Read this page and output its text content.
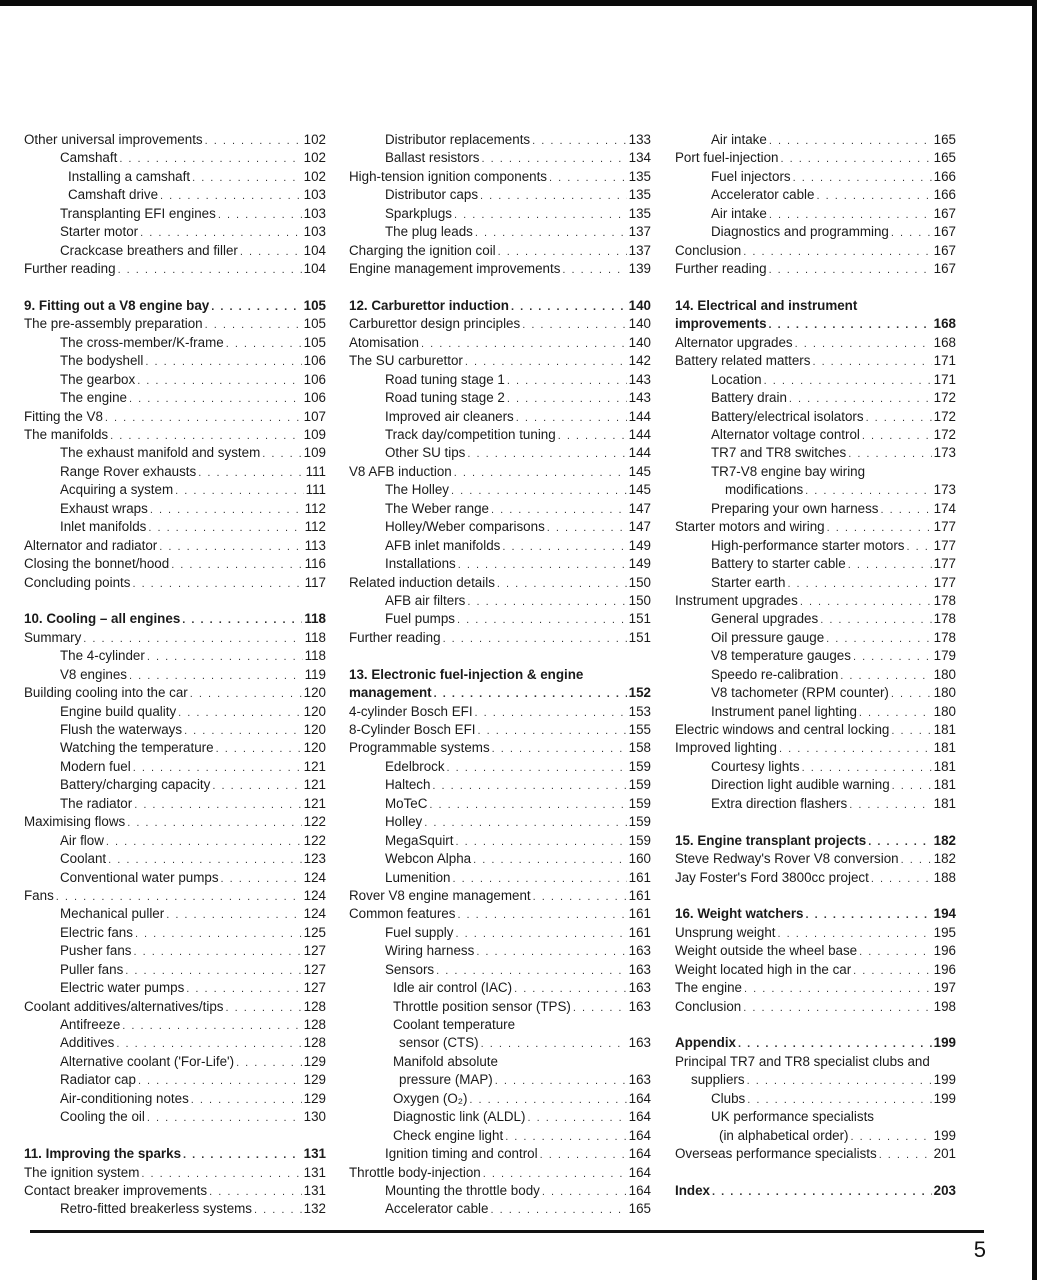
Other universal improvements . . .	102
Camshaft . . .	102
Installing a camshaft . . .	102
Camshaft drive . . .	103
Transplanting EFI engines . . .	103
Starter motor . . .	103
Crackcase breathers and filler . . .	104
Further reading . . .	104
9. Fitting out a V8 engine bay . . .	105
The pre-assembly preparation . . .	105
The cross-member/K-frame . . .	105
The bodyshell . . .	106
The gearbox . . .	106
The engine . . .	106
Fitting the V8 . . .	107
The manifolds . . .	109
The exhaust manifold and system . . .	109
Range Rover exhausts . . .	111
Acquiring a system . . .	111
Exhaust wraps . . .	112
Inlet manifolds . . .	112
Alternator and radiator . . .	113
Closing the bonnet/hood . . .	116
Concluding points . . .	117
10. Cooling – all engines . . .	118
Summary . . .	118
The 4-cylinder . . .	118
V8 engines . . .	119
Building cooling into the car . . .	120
Engine build quality . . .	120
Flush the waterways . . .	120
Watching the temperature . . .	120
Modern fuel . . .	121
Battery/charging capacity . . .	121
The radiator . . .	121
Maximising flows . . .	122
Air flow . . .	122
Coolant . . .	123
Conventional water pumps . . .	124
Fans . . .	124
Mechanical puller . . .	124
Electric fans . . .	125
Pusher fans . . .	127
Puller fans . . .	127
Electric water pumps . . .	127
Coolant additives/alternatives/tips . . .	128
Antifreeze . . .	128
Additives . . .	128
Alternative coolant ('For-Life') . . .	129
Radiator cap . . .	129
Air-conditioning notes . . .	129
Cooling the oil . . .	130
11. Improving the sparks . . .	131
The ignition system . . .	131
Contact breaker improvements . . .	131
Retro-fitted breakerless systems . . .	132
Distributor replacements . . .	133
Ballast resistors . . .	134
High-tension ignition components . . .	135
Distributor caps . . .	135
Sparkplugs . . .	135
The plug leads . . .	137
Charging the ignition coil . . .	137
Engine management improvements . . .	139
12. Carburettor induction . . .	140
Carburettor design principles . . .	140
Atomisation . . .	140
The SU carburettor . . .	142
Road tuning stage 1 . . .	143
Road tuning stage 2 . . .	143
Improved air cleaners . . .	144
Track day/competition tuning . . .	144
Other SU tips . . .	144
V8 AFB induction . . .	145
The Holley . . .	145
The Weber range . . .	147
Holley/Weber comparisons . . .	147
AFB inlet manifolds . . .	149
Installations . . .	149
Related induction details . . .	150
AFB air filters . . .	150
Fuel pumps . . .	151
Further reading . . .	151
13. Electronic fuel-injection & engine
management . . .	152
4-cylinder Bosch EFI . . .	153
8-Cylinder Bosch EFI . . .	155
Programmable systems . . .	158
Edelbrock . . .	159
Haltech . . .	159
MoTeC . . .	159
Holley . . .	159
MegaSquirt . . .	159
Webcon Alpha . . .	160
Lumenition . . .	161
Rover V8 engine management . . .	161
Common features . . .	161
Fuel supply . . .	161
Wiring harness . . .	163
Sensors . . .	163
Idle air control (IAC) . . .	163
Throttle position sensor (TPS) . . .	163
Coolant temperature
sensor (CTS) . . .	163
Manifold absolute
pressure (MAP) . . .	163
Oxygen (O₂) . . .	164
Diagnostic link (ALDL) . . .	164
Check engine light . . .	164
Ignition timing and control . . .	164
Throttle body-injection . . .	164
Mounting the throttle body . . .	164
Accelerator cable . . .	165
Air intake . . .	165
Port fuel-injection . . .	165
Fuel injectors . . .	166
Accelerator cable . . .	166
Air intake . . .	167
Diagnostics and programming . . .	167
Conclusion . . .	167
Further reading . . .	167
14. Electrical and instrument
improvements . . .	168
Alternator upgrades . . .	168
Battery related matters . . .	171
Location . . .	171
Battery drain . . .	172
Battery/electrical isolators . . .	172
Alternator voltage control . . .	172
TR7 and TR8 switches . . .	173
TR7-V8 engine bay wiring
modifications . . .	173
Preparing your own harness . . .	174
Starter motors and wiring . . .	177
High-performance starter motors . . . 177
Battery to starter cable . . .	177
Starter earth . . .	177
Instrument upgrades . . .	178
General upgrades . . .	178
Oil pressure gauge . . .	178
V8 temperature gauges . . .	179
Speedo re-calibration . . .	180
V8 tachometer (RPM counter) . . .	180
Instrument panel lighting . . .	180
Electric windows and central locking . . .	181
Improved lighting . . .	181
Courtesy lights . . .	181
Direction light audible warning . . .	181
Extra direction flashers . . .	181
15. Engine transplant projects . . .	182
Steve Redway's Rover V8 conversion . . .	182
Jay Foster's Ford 3800cc project . . .	188
16. Weight watchers . . .	194
Unsprung weight . . .	195
Weight outside the wheel base . . .	196
Weight located high in the car . . .	196
The engine . . .	197
Conclusion . . .	198
Appendix . . .	199
Principal TR7 and TR8 specialist clubs and
suppliers . . .	199
Clubs . . .	199
UK performance specialists
(in alphabetical order) . . .	199
Overseas performance specialists . . .	201
Index . . .	203
5
